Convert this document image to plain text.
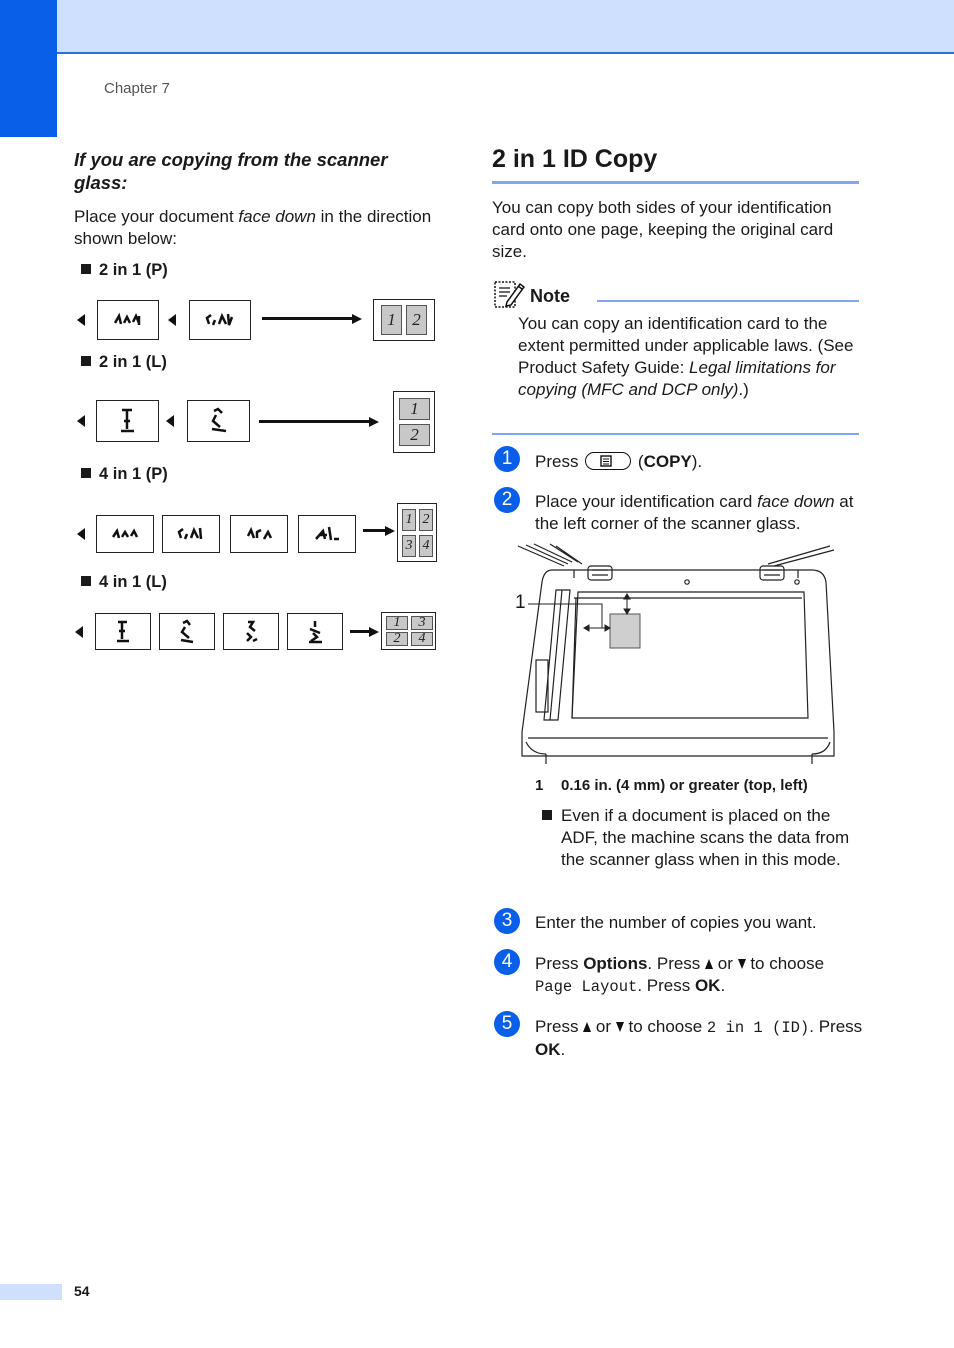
Chapter 7
If you are copying from the scanner glass:
Place your document face down in the direction shown below:
2 in 1 (P)
1 2
2 in 1 (L)
1
2
4 in 1 (P)
1 2
3 4
4 in 1 (L)
1	3
2	4
2 in 1 ID Copy
You can copy both sides of your identification card onto one page, keeping the original card size.
Note
You can copy an identification card to the extent permitted under applicable laws. (See Product Safety Guide: Legal limitations for copying (MFC and DCP only).)
1	Press	(COPY).
2	Place your identification card face down at the left corner of the scanner glass.
1
1 0.16 in. (4 mm) or greater (top, left)
Even if a document is placed on the ADF, the machine scans the data from the scanner glass when in this mode.
3	Enter the number of copies you want.
4	Press Options. Press  or  to choose Page Layout. Press OK.
5	Press  or  to choose 2 in 1 (ID). Press OK.
54
